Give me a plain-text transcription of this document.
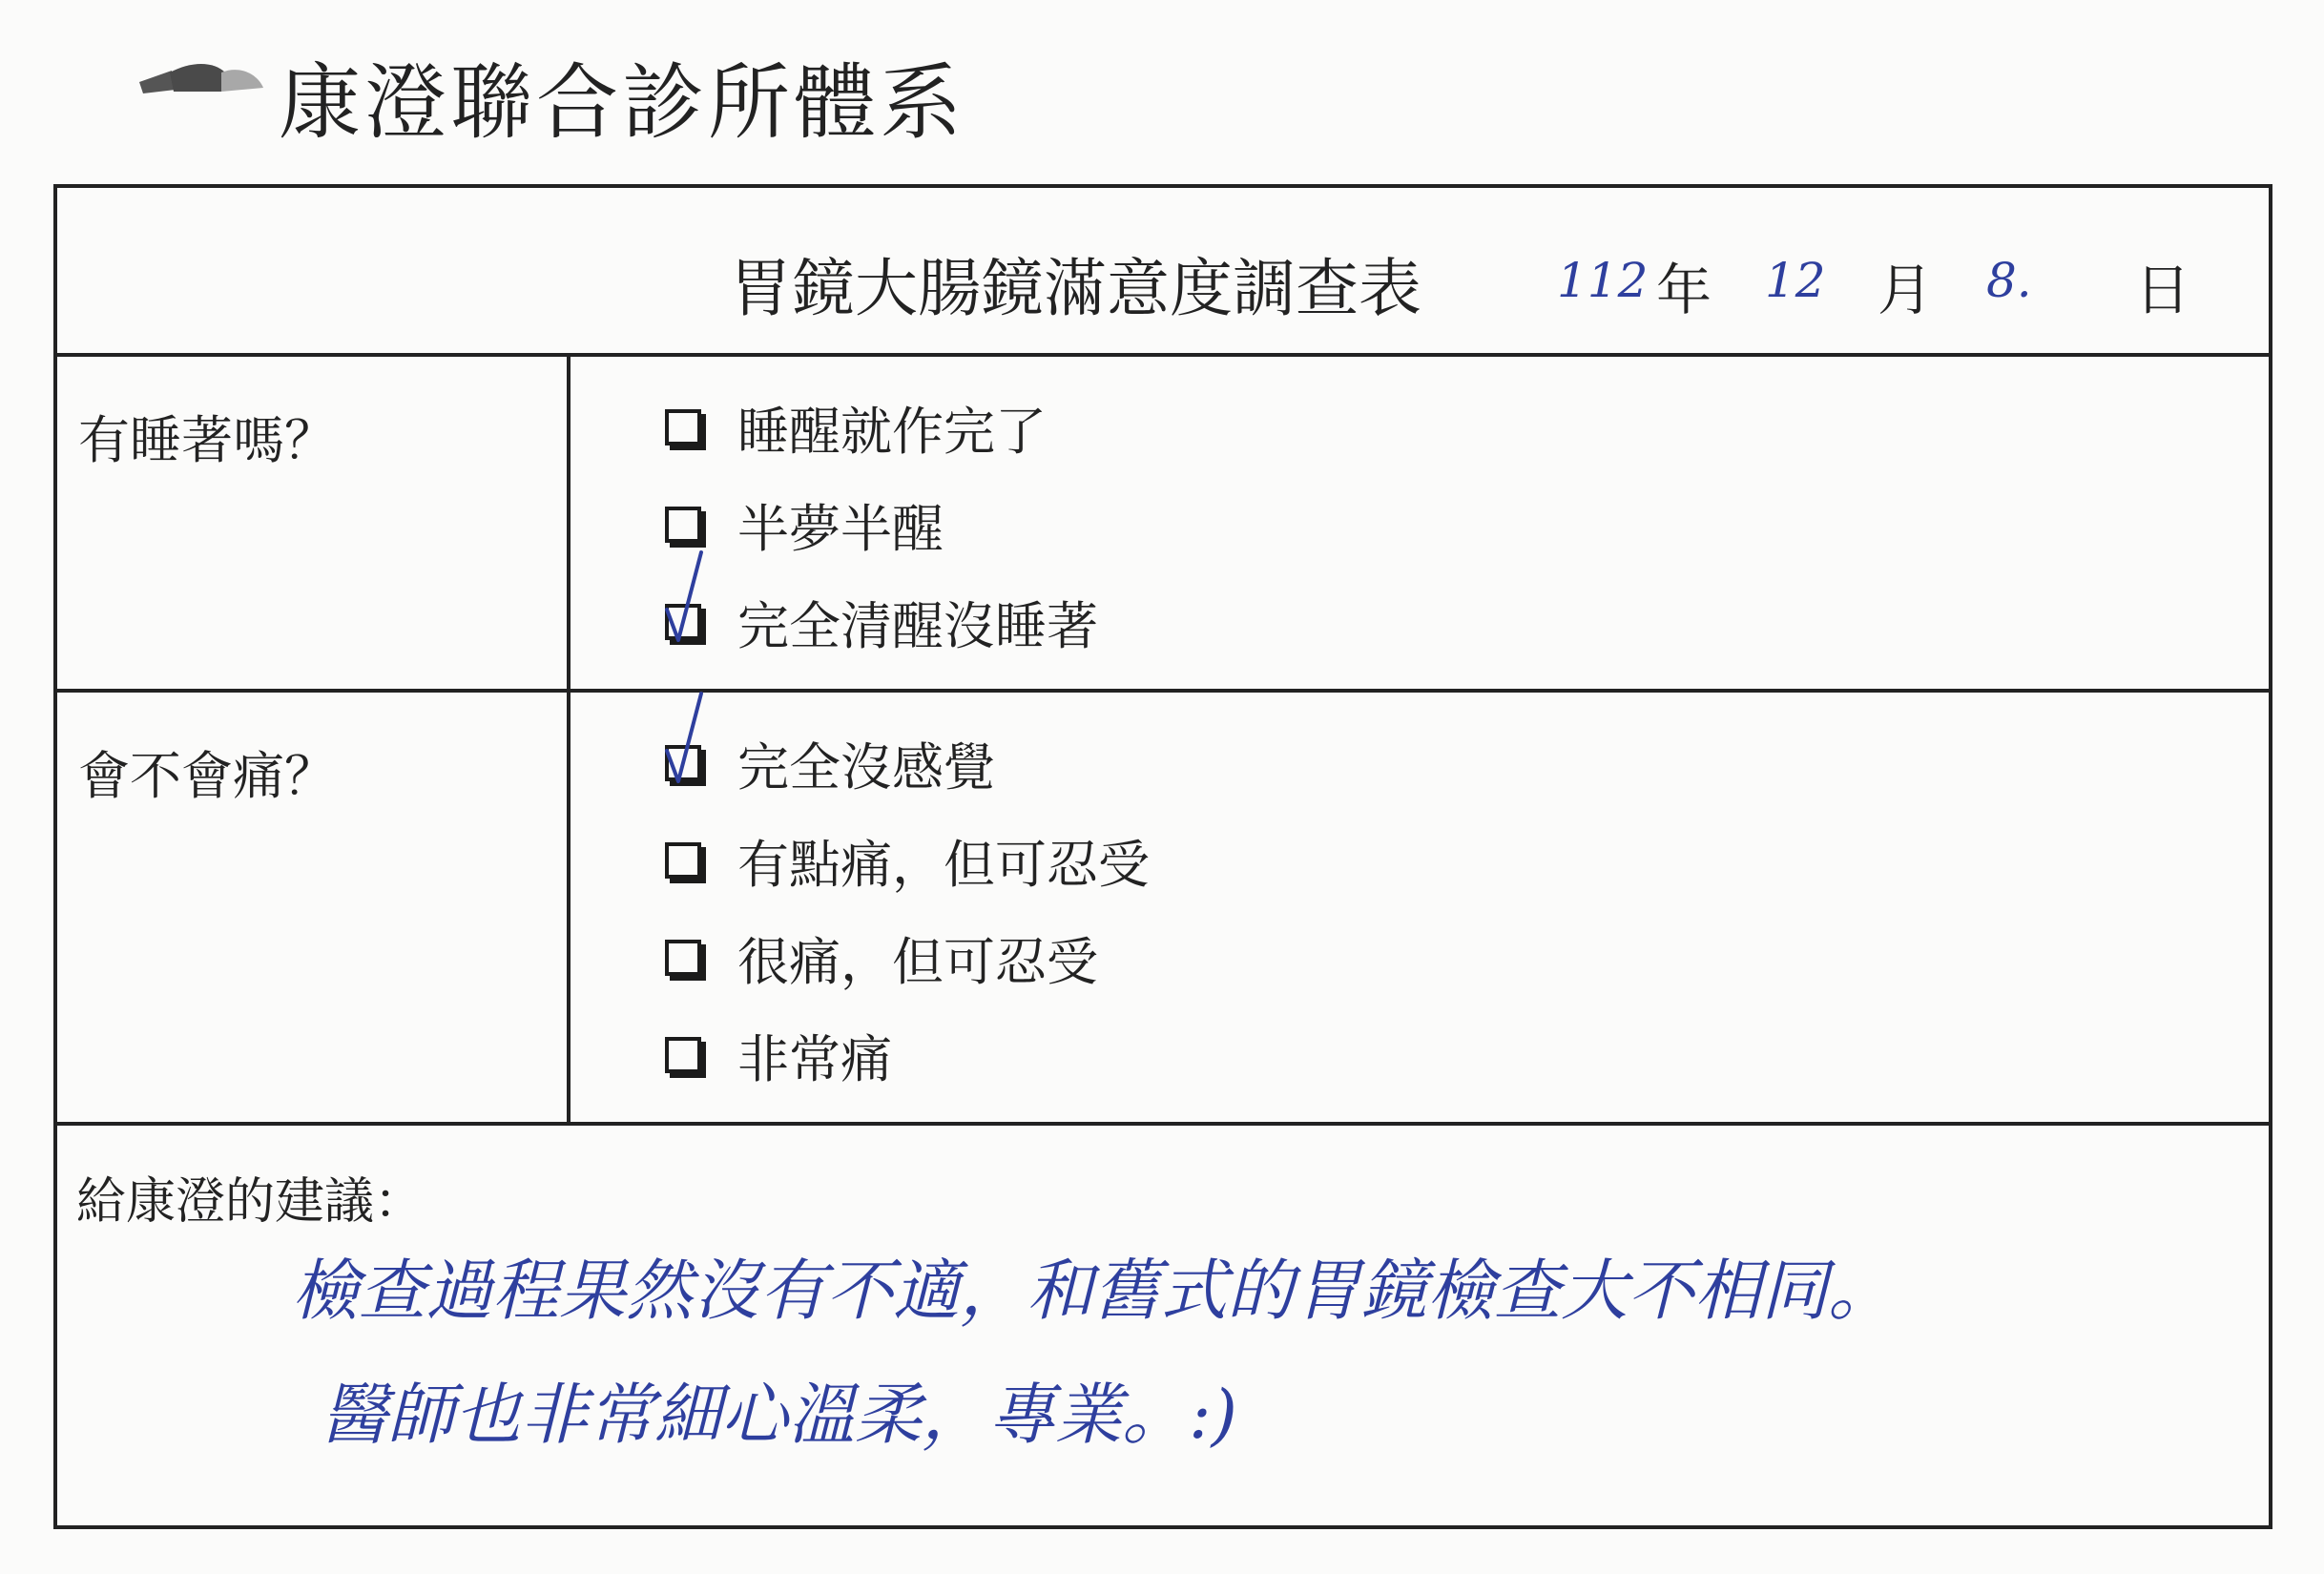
康澄聯合診所體系
胃鏡大腸鏡滿意度調查表	112 年 12 月 8. 日
有睡著嗎？	睡醒就作完了
半夢半醒
完全清醒沒睡著
會不會痛？	完全沒感覺
有點痛，但可忍受
很痛，但可忍受
非常痛
給康澄的建議：
檢查過程果然沒有不適，和舊式的胃鏡檢查大不相同。
醫師也非常細心溫柔，專業。:)
